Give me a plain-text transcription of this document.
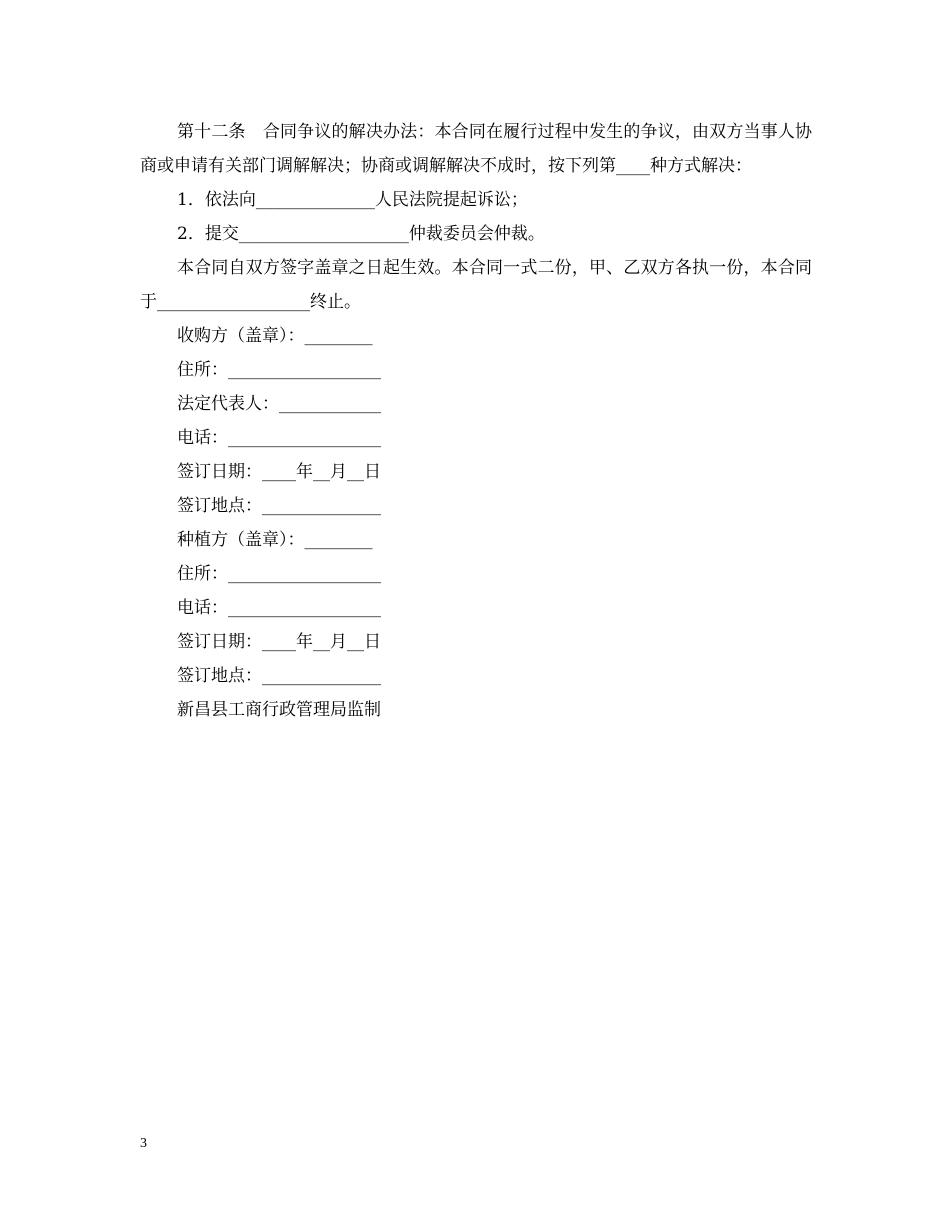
第十二条　合同争议的解决办法：本合同在履行过程中发生的争议，由双方当事人协商或申请有关部门调解解决；协商或调解解决不成时，按下列第____种方式解决：

1．依法向______________人民法院提起诉讼；

2．提交____________________仲裁委员会仲裁。

本合同自双方签字盖章之日起生效。本合同一式二份，甲、乙双方各执一份，本合同于__________________终止。

收购方（盖章）：________
住所：__________________
法定代表人：____________
电话：__________________
签订日期：____年__月__日
签订地点：______________
种植方（盖章）：________
住所：__________________
电话：__________________
签订日期：____年__月__日
签订地点：______________
新昌县工商行政管理局监制
3
